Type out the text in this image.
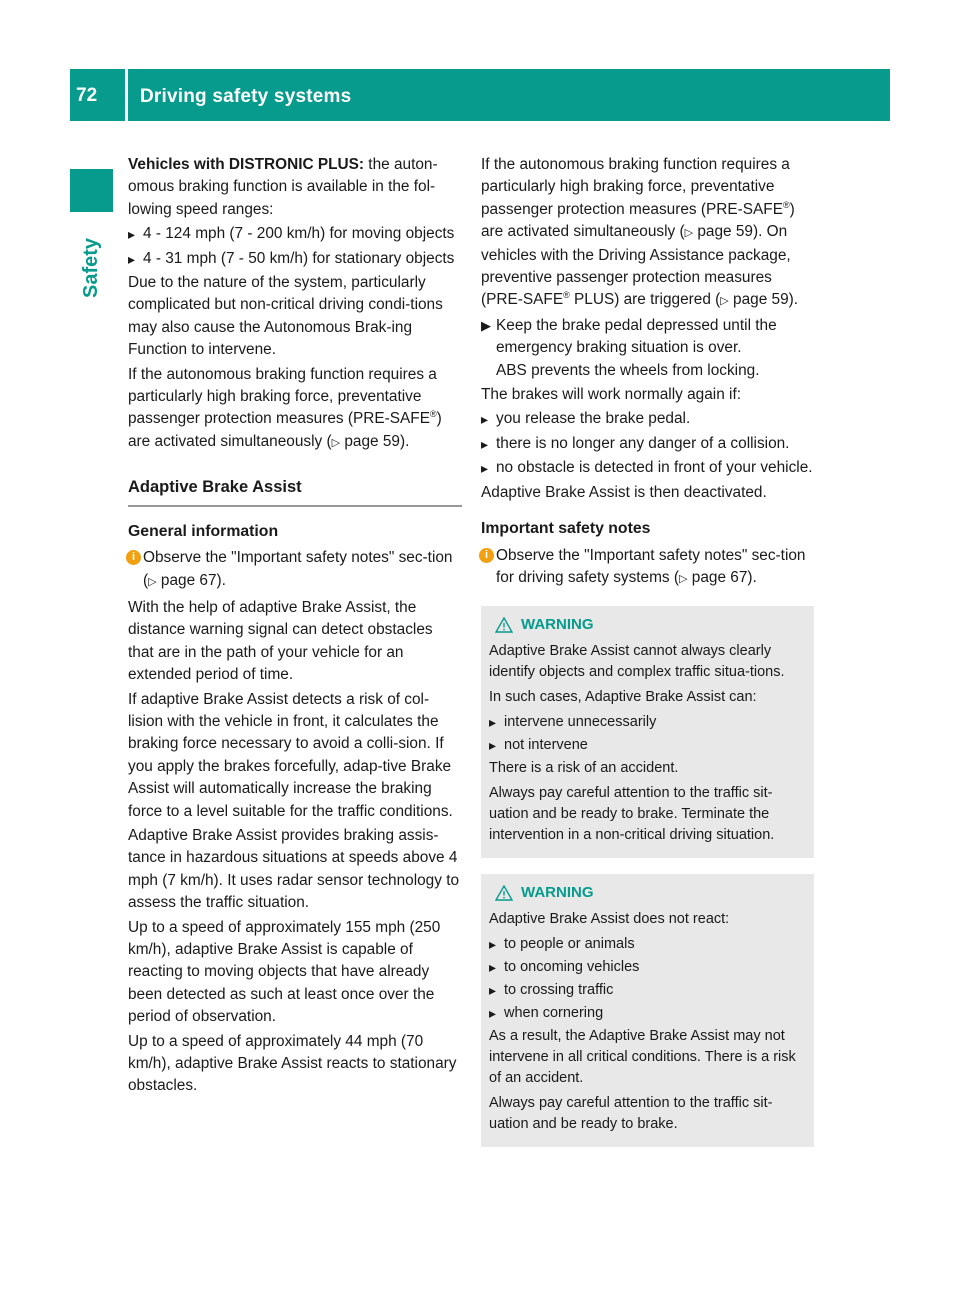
72 Driving safety systems
Safety

Vehicles with DISTRONIC PLUS: the auton-omous braking function is available in the fol-lowing speed ranges:

▸ 4 - 124 mph (7 - 200 km/h) for moving objects
▸ 4 - 31 mph (7 - 50 km/h) for stationary objects

Due to the nature of the system, particularly complicated but non-critical driving condi-tions may also cause the Autonomous Brak-ing Function to intervene.

If the autonomous braking function requires a particularly high braking force, preventative passenger protection measures (PRE-SAFE®) are activated simultaneously (▷ page 59).

Adaptive Brake Assist
General information
i Observe the "Important safety notes" sec-tion (▷ page 67).

With the help of adaptive Brake Assist, the distance warning signal can detect obstacles that are in the path of your vehicle for an extended period of time.

If adaptive Brake Assist detects a risk of col-lision with the vehicle in front, it calculates the braking force necessary to avoid a colli-sion. If you apply the brakes forcefully, adap-tive Brake Assist will automatically increase the braking force to a level suitable for the traffic conditions.

Adaptive Brake Assist provides braking assis-tance in hazardous situations at speeds above 4 mph (7 km/h). It uses radar sensor technology to assess the traffic situation.

Up to a speed of approximately 155 mph (250 km/h), adaptive Brake Assist is capable of reacting to moving objects that have already been detected as such at least once over the period of observation.

Up to a speed of approximately 44 mph (70 km/h), adaptive Brake Assist reacts to stationary obstacles.

If the autonomous braking function requires a particularly high braking force, preventative passenger protection measures (PRE-SAFE®) are activated simultaneously (▷ page 59). On vehicles with the Driving Assistance package, preventive passenger protection measures (PRE-SAFE® PLUS) are triggered (▷ page 59).

▶ Keep the brake pedal depressed until the emergency braking situation is over.
ABS prevents the wheels from locking.

The brakes will work normally again if:

▸ you release the brake pedal.
▸ there is no longer any danger of a collision.
▸ no obstacle is detected in front of your vehicle.

Adaptive Brake Assist is then deactivated.

Important safety notes
i Observe the "Important safety notes" sec-tion for driving safety systems (▷ page 67).
WARNING

Adaptive Brake Assist cannot always clearly identify objects and complex traffic situa-tions.

In such cases, Adaptive Brake Assist can:

▸ intervene unnecessarily
▸ not intervene

There is a risk of an accident.

Always pay careful attention to the traffic sit-uation and be ready to brake. Terminate the intervention in a non-critical driving situation.

WARNING

Adaptive Brake Assist does not react:

▸ to people or animals
▸ to oncoming vehicles
▸ to crossing traffic
▸ when cornering

As a result, the Adaptive Brake Assist may not intervene in all critical conditions. There is a risk of an accident.

Always pay careful attention to the traffic sit-uation and be ready to brake.
